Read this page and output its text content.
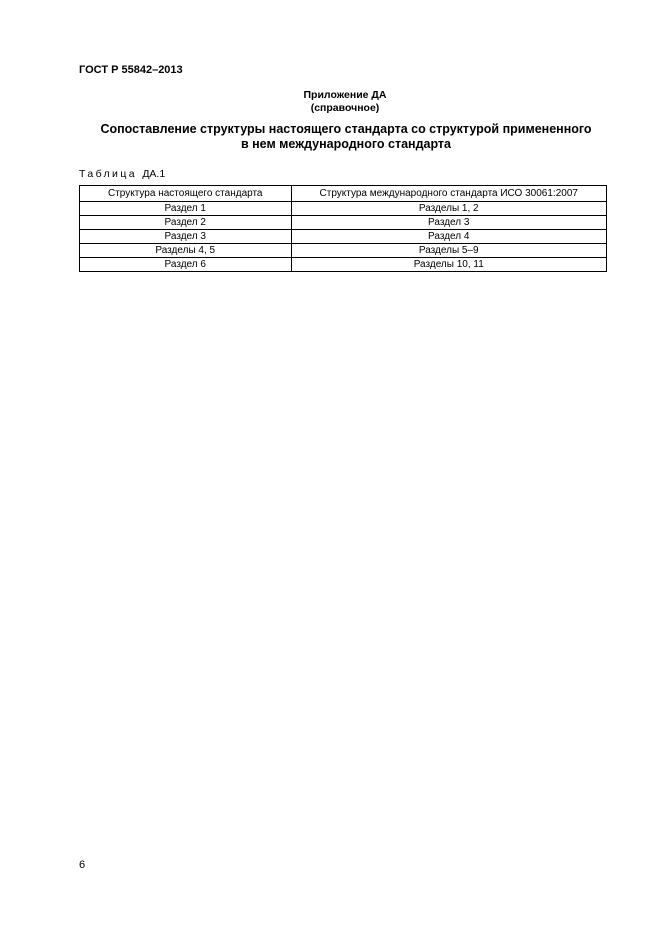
ГОСТ Р 55842–2013
Приложение ДА
(справочное)
Сопоставление структуры настоящего стандарта со структурой примененного
в нем международного стандарта
Таблица ДА.1
Структура настоящего стандарта	Структура международного стандарта ИСО 30061:2007
Раздел 1	Разделы 1, 2
Раздел 2	Раздел 3
Раздел 3	Раздел 4
Разделы 4, 5	Разделы 5–9
Раздел 6	Разделы 10, 11
6
